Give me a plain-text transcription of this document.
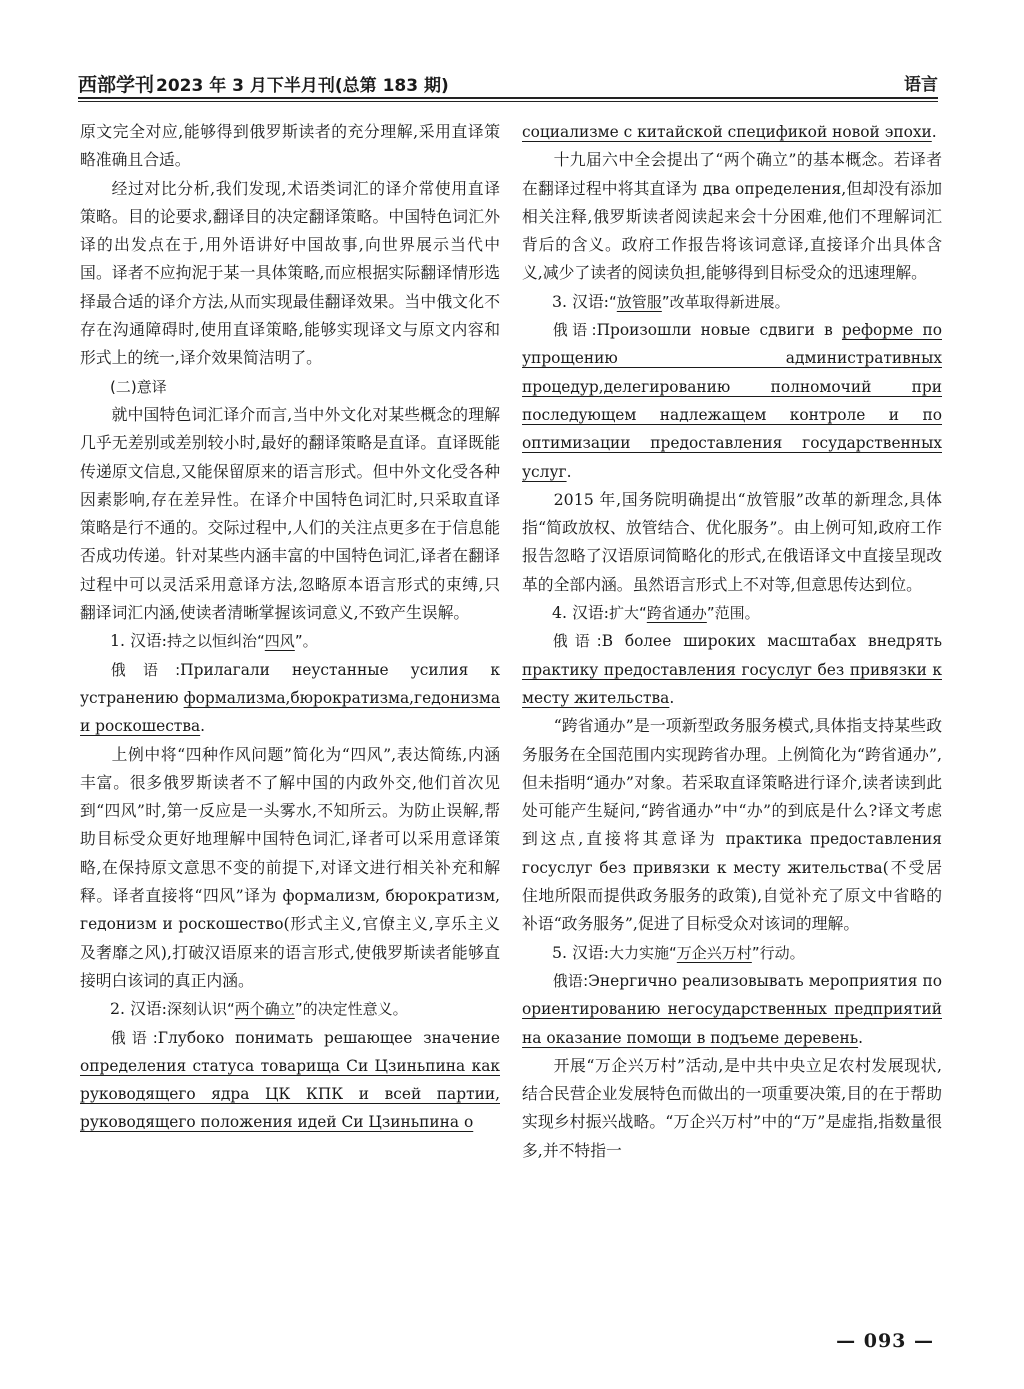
西部学刊 2023 年 3 月下半月刊(总第 183 期)	语言

原文完全对应,能够得到俄罗斯读者的充分理解,采用直译策略准确且合适。

经过对比分析,我们发现,术语类词汇的译介常使用直译策略。目的论要求,翻译目的决定翻译策略。中国特色词汇外译的出发点在于,用外语讲好中国故事,向世界展示当代中国。译者不应拘泥于某一具体策略,而应根据实际翻译情形选择最合适的译介方法,从而实现最佳翻译效果。当中俄文化不存在沟通障碍时,使用直译策略,能够实现译文与原文内容和形式上的统一,译介效果简洁明了。

(二)意译

就中国特色词汇译介而言,当中外文化对某些概念的理解几乎无差别或差别较小时,最好的翻译策略是直译。直译既能传递原文信息,又能保留原来的语言形式。但中外文化受各种因素影响,存在差异性。在译介中国特色词汇时,只采取直译策略是行不通的。交际过程中,人们的关注点更多在于信息能否成功传递。针对某些内涵丰富的中国特色词汇,译者在翻译过程中可以灵活采用意译方法,忽略原本语言形式的束缚,只翻译词汇内涵,使读者清晰掌握该词意义,不致产生误解。

1. 汉语:持之以恒纠治“四风”。

俄语:Прилагали неустанные усилия к устранению формализма,бюрократизма,гедонизма и роскошества.

上例中将“四种作风问题”简化为“四风”,表达简练,内涵丰富。很多俄罗斯读者不了解中国的内政外交,他们首次见到“四风”时,第一反应是一头雾水,不知所云。为防止误解,帮助目标受众更好地理解中国特色词汇,译者可以采用意译策略,在保持原文意思不变的前提下,对译文进行相关补充和解释。译者直接将“四风”译为 формализм, бюрократизм, гедонизм и роскошество(形式主义,官僚主义,享乐主义及奢靡之风),打破汉语原来的语言形式,使俄罗斯读者能够直接明白该词的真正内涵。

2. 汉语:深刻认识“两个确立”的决定性意义。

俄语:Глубоко понимать решающее значение определения статуса товарища Си Цзиньпина как руководящего ядра ЦК КПК и всей партии, руководящего положения идей Си Цзиньпина о

социализме с китайской спецификой новой эпохи.

十九届六中全会提出了“两个确立”的基本概念。若译者在翻译过程中将其直译为 два определения,但却没有添加相关注释,俄罗斯读者阅读起来会十分困难,他们不理解词汇背后的含义。政府工作报告将该词意译,直接译介出具体含义,减少了读者的阅读负担,能够得到目标受众的迅速理解。

3. 汉语:“放管服”改革取得新进展。

俄语:Произошли новые сдвиги в реформе по упрощению административных процедур,делегированию полномочий при последующем надлежащем контроле и по оптимизации предоставления государственных услуг.

2015 年,国务院明确提出“放管服”改革的新理念,具体指“简政放权、放管结合、优化服务”。由上例可知,政府工作报告忽略了汉语原词简略化的形式,在俄语译文中直接呈现改革的全部内涵。虽然语言形式上不对等,但意思传达到位。

4. 汉语:扩大“跨省通办”范围。

俄语:В более широких масштабах внедрять практику предоставления госуслуг без привязки к месту жительства.

“跨省通办”是一项新型政务服务模式,具体指支持某些政务服务在全国范围内实现跨省办理。上例简化为“跨省通办”,但未指明“通办”对象。若采取直译策略进行译介,读者读到此处可能产生疑问,“跨省通办”中“办”的到底是什么?译文考虑到这点,直接将其意译为 практика предоставления госуслуг без привязки к месту жительства(不受居住地所限而提供政务服务的政策),自觉补充了原文中省略的补语“政务服务”,促进了目标受众对该词的理解。

5. 汉语:大力实施“万企兴万村”行动。

俄语:Энергично реализовывать мероприятия по ориентированию негосударственных предприятий на оказание помощи в подъеме деревень.

开展“万企兴万村”活动,是中共中央立足农村发展现状,结合民营企业发展特色而做出的一项重要决策,目的在于帮助实现乡村振兴战略。“万企兴万村”中的“万”是虚指,指数量很多,并不特指一

— 093 —
